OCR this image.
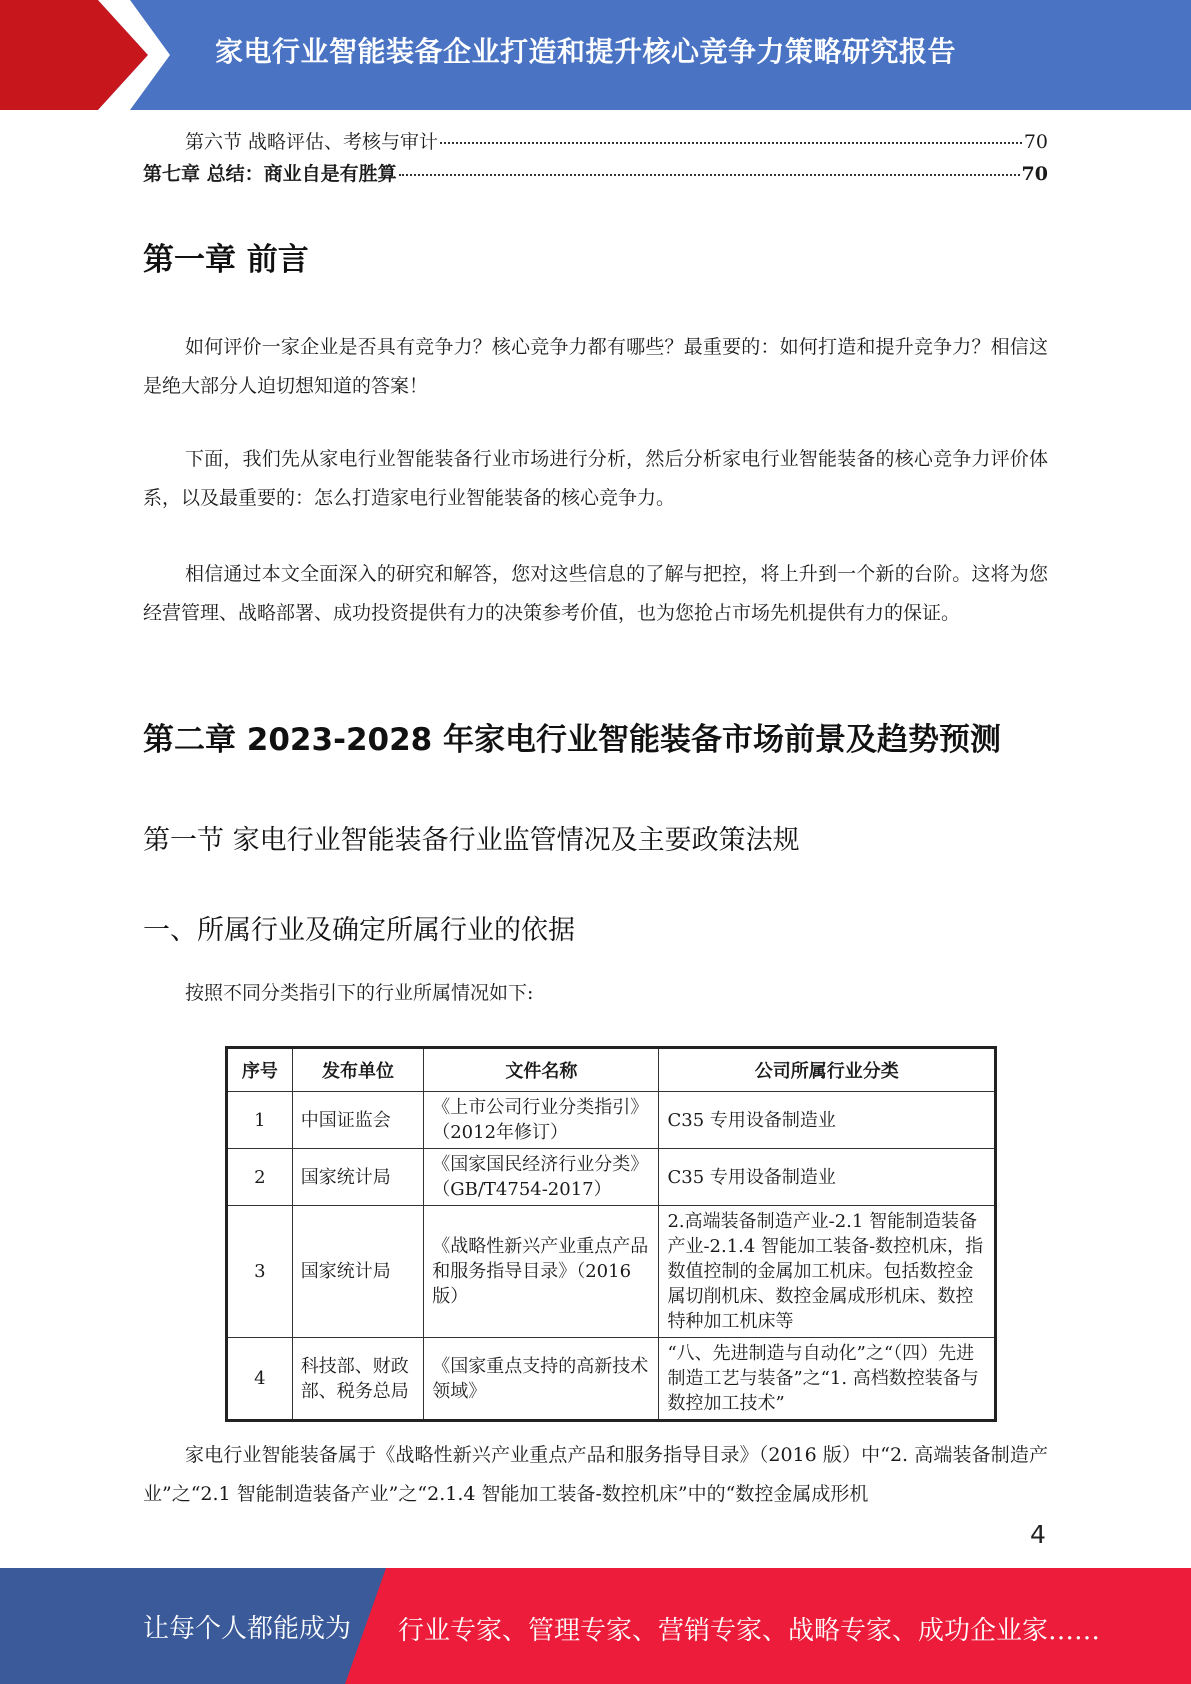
家电行业智能装备企业打造和提升核心竞争力策略研究报告
第六节 战略评估、考核与审计	70
第七章 总结：商业自是有胜算	70
第一章 前言

如何评价一家企业是否具有竞争力？核心竞争力都有哪些？最重要的：如何打造和提升竞争力？相信这是绝大部分人迫切想知道的答案！

下面，我们先从家电行业智能装备行业市场进行分析，然后分析家电行业智能装备的核心竞争力评价体系，以及最重要的：怎么打造家电行业智能装备的核心竞争力。

相信通过本文全面深入的研究和解答，您对这些信息的了解与把控，将上升到一个新的台阶。这将为您经营管理、战略部署、成功投资提供有力的决策参考价值，也为您抢占市场先机提供有力的保证。

第二章 2023-2028 年家电行业智能装备市场前景及趋势预测
第一节 家电行业智能装备行业监管情况及主要政策法规
一、所属行业及确定所属行业的依据

按照不同分类指引下的行业所属情况如下:

序号	发布单位	文件名称	公司所属行业分类
1	中国证监会	《上市公司行业分类指引》（2012年修订）	C35 专用设备制造业
2	国家统计局	《国家国民经济行业分类》（GB/T4754-2017）	C35 专用设备制造业
3	国家统计局	《战略性新兴产业重点产品和服务指导目录》（2016版）	2.高端装备制造产业-2.1 智能制造装备产业-2.1.4 智能加工装备-数控机床，指数值控制的金属加工机床。包括数控金属切削机床、数控金属成形机床、数控特种加工机床等
4	科技部、财政部、税务总局	《国家重点支持的高新技术领域》	“八、先进制造与自动化”之“（四）先进制造工艺与装备”之“1. 高档数控装备与数控加工技术”

家电行业智能装备属于《战略性新兴产业重点产品和服务指导目录》（2016 版）中“2. 高端装备制造产业”之“2.1 智能制造装备产业”之“2.1.4 智能加工装备-数控机床”中的“数控金属成形机

4
让每个人都能成为 行业专家、管理专家、营销专家、战略专家、成功企业家……
